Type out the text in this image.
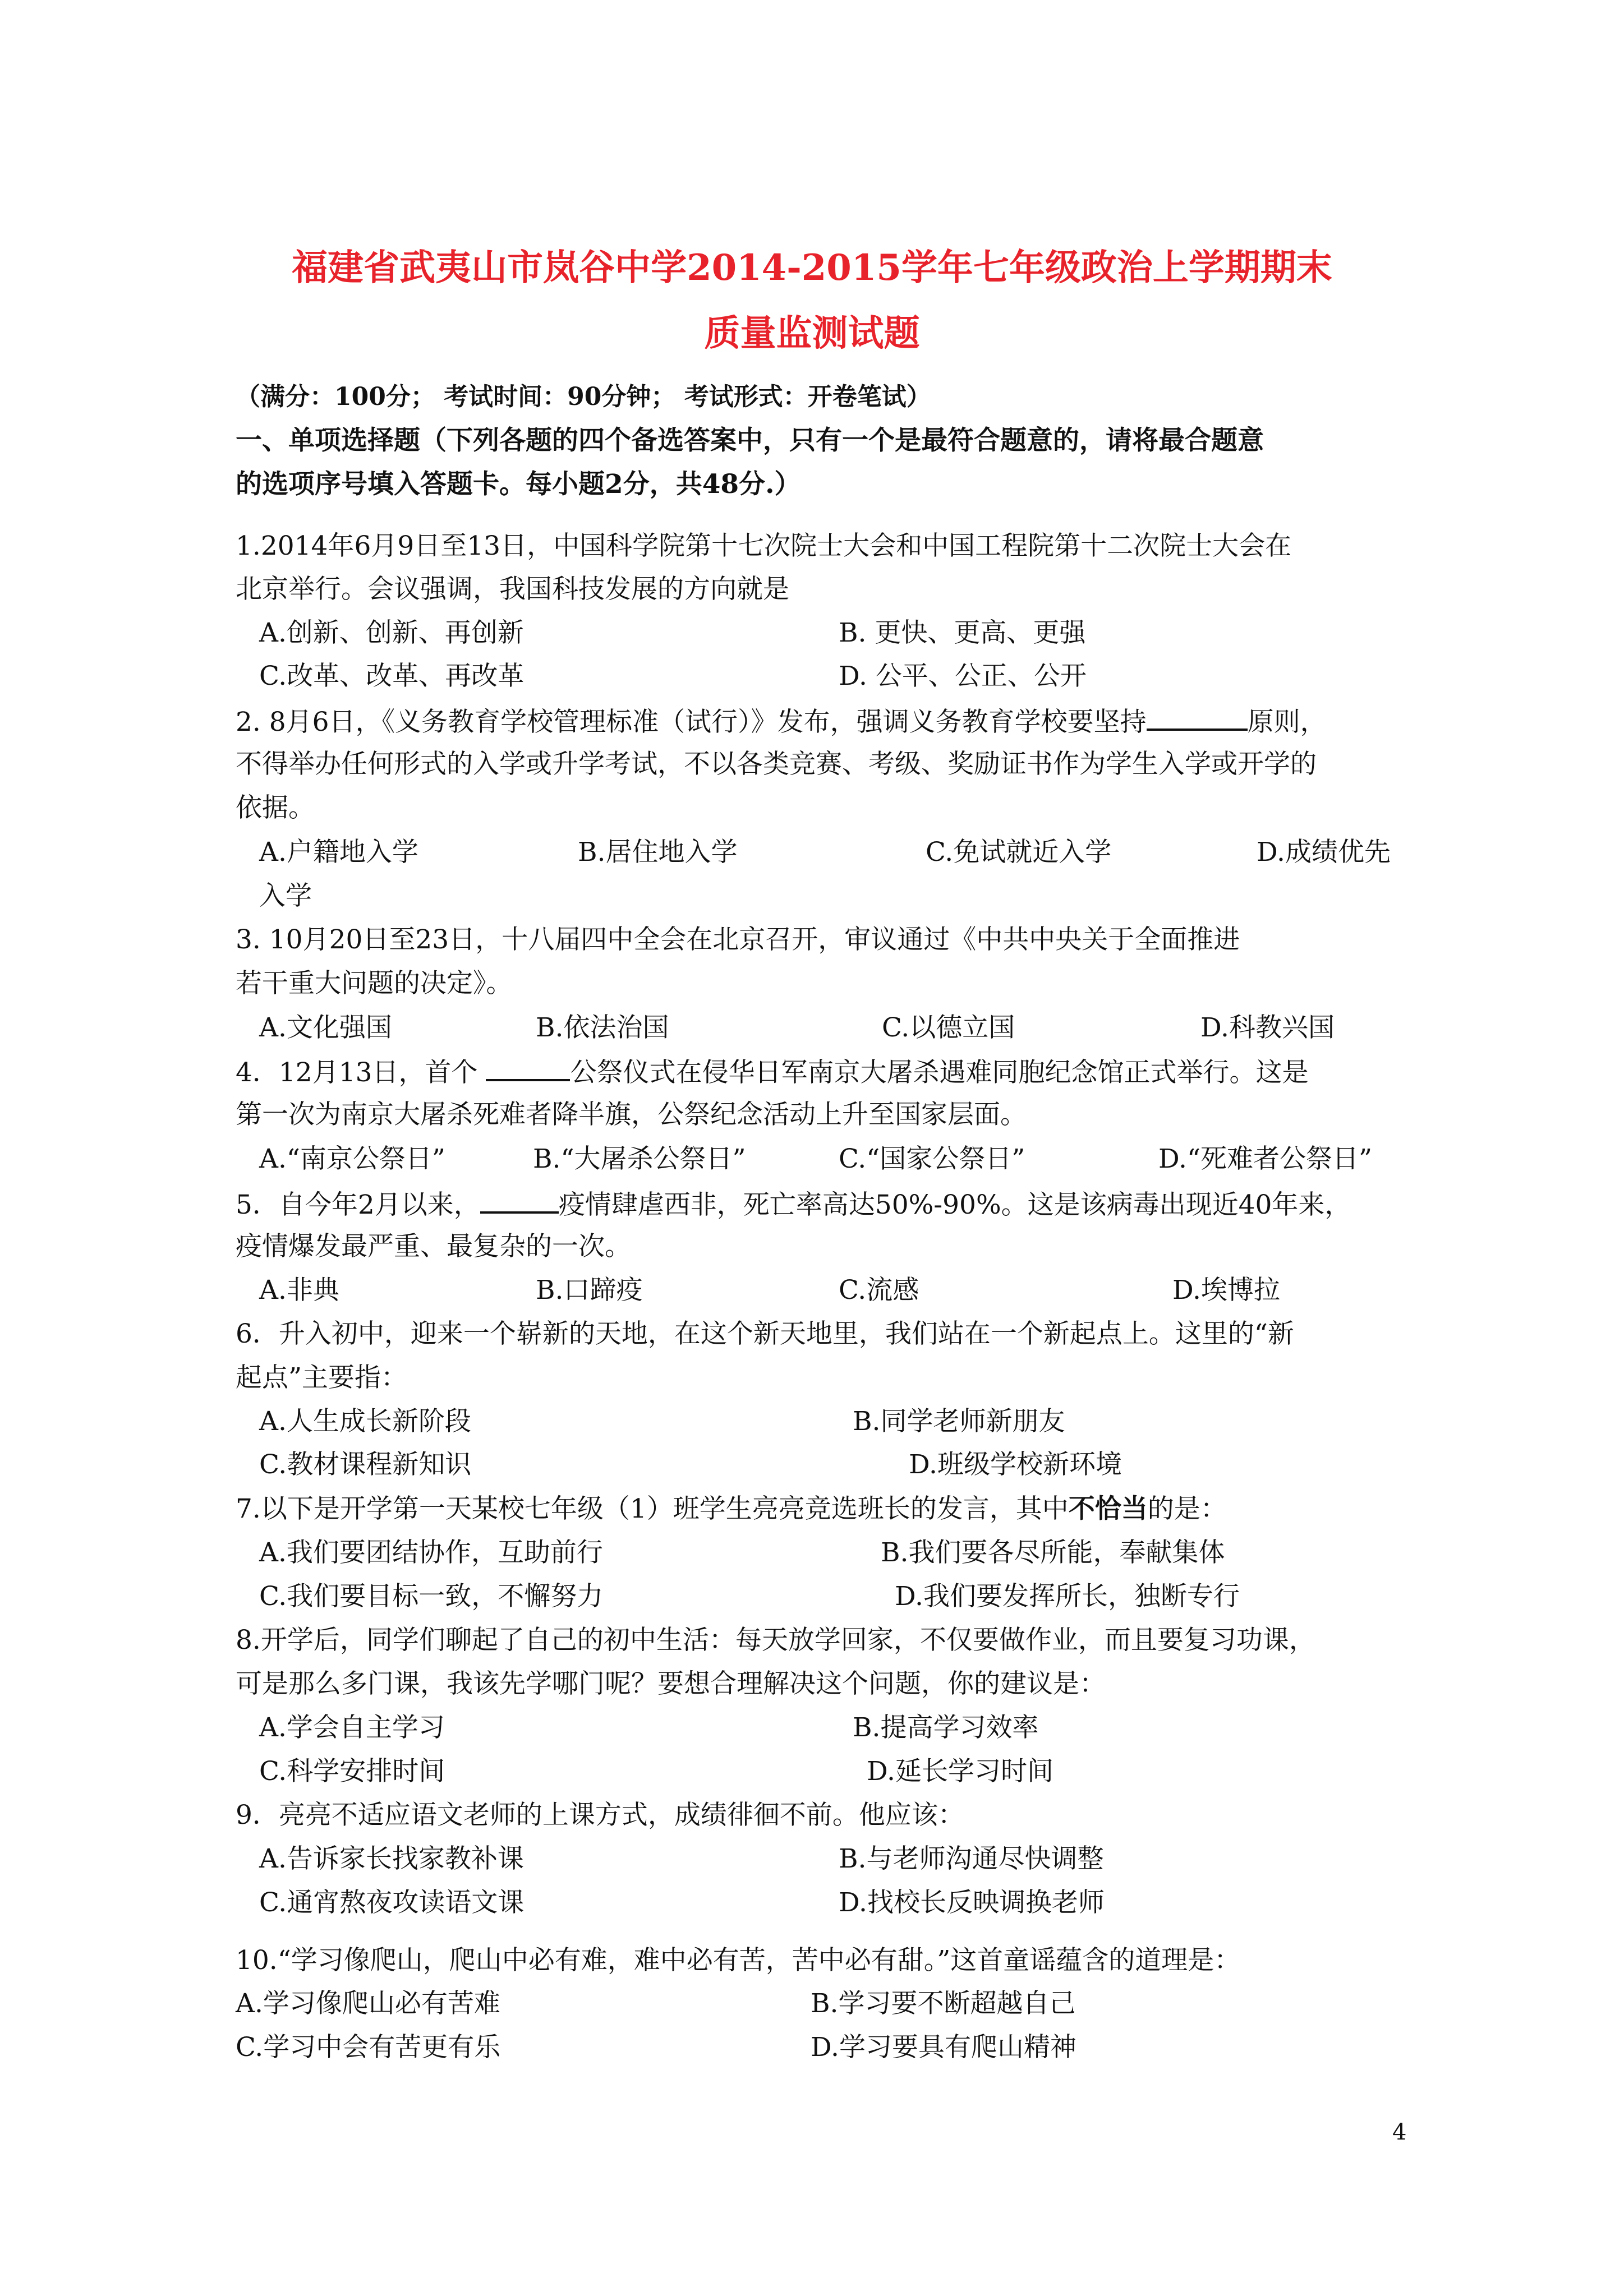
福建省武夷山市岚谷中学2014-2015学年七年级政治上学期期末
质量监测试题
（满分：100分； 考试时间：90分钟； 考试形式：开卷笔试）
一、单项选择题（下列各题的四个备选答案中，只有一个是最符合题意的，请将最合题意
的选项序号填入答题卡。每小题2分，共48分.）
1.2014年6月9日至13日，中国科学院第十七次院士大会和中国工程院第十二次院士大会在
北京举行。会议强调，我国科技发展的方向就是
A.创新、创新、再创新	B. 更快、更高、更强
C.改革、改革、再改革	D. 公平、公正、公开
2. 8月6日，《义务教育学校管理标准（试行）》发布，强调义务教育学校要坚持	原则，
不得举办任何形式的入学或升学考试，不以各类竞赛、考级、奖励证书作为学生入学或开学的
依据。
A.户籍地入学	B.居住地入学	C.免试就近入学	D.成绩优先
入学
3. 10月20日至23日，十八届四中全会在北京召开，审议通过《中共中央关于全面推进
若干重大问题的决定》。
A.文化强国	B.依法治国	C.以德立国	D.科教兴国
4．12月13日，首个	公祭仪式在侵华日军南京大屠杀遇难同胞纪念馆正式举行。这是
第一次为南京大屠杀死难者降半旗，公祭纪念活动上升至国家层面。
A.“南京公祭日”	B.“大屠杀公祭日”	C.“国家公祭日”	D.“死难者公祭日”
5．自今年2月以来，	疫情肆虐西非，死亡率高达50%-90%。这是该病毒出现近40年来，
疫情爆发最严重、最复杂的一次。
A.非典	B.口蹄疫	C.流感	D.埃博拉
6．升入初中，迎来一个崭新的天地，在这个新天地里，我们站在一个新起点上。这里的“新
起点”主要指：
A.人生成长新阶段	B.同学老师新朋友
C.教材课程新知识	D.班级学校新环境
7.以下是开学第一天某校七年级（1）班学生亮亮竞选班长的发言，其中不恰当的是：
A.我们要团结协作，互助前行	B.我们要各尽所能，奉献集体
C.我们要目标一致，不懈努力	D.我们要发挥所长，独断专行
8.开学后，同学们聊起了自己的初中生活：每天放学回家，不仅要做作业，而且要复习功课，
可是那么多门课，我该先学哪门呢？要想合理解决这个问题，你的建议是：
A.学会自主学习	B.提高学习效率
C.科学安排时间	D.延长学习时间
9．亮亮不适应语文老师的上课方式，成绩徘徊不前。他应该：
A.告诉家长找家教补课	B.与老师沟通尽快调整
C.通宵熬夜攻读语文课	D.找校长反映调换老师
10.“学习像爬山，爬山中必有难，难中必有苦，苦中必有甜。”这首童谣蕴含的道理是：
A.学习像爬山必有苦难	B.学习要不断超越自己
C.学习中会有苦更有乐	D.学习要具有爬山精神
4
